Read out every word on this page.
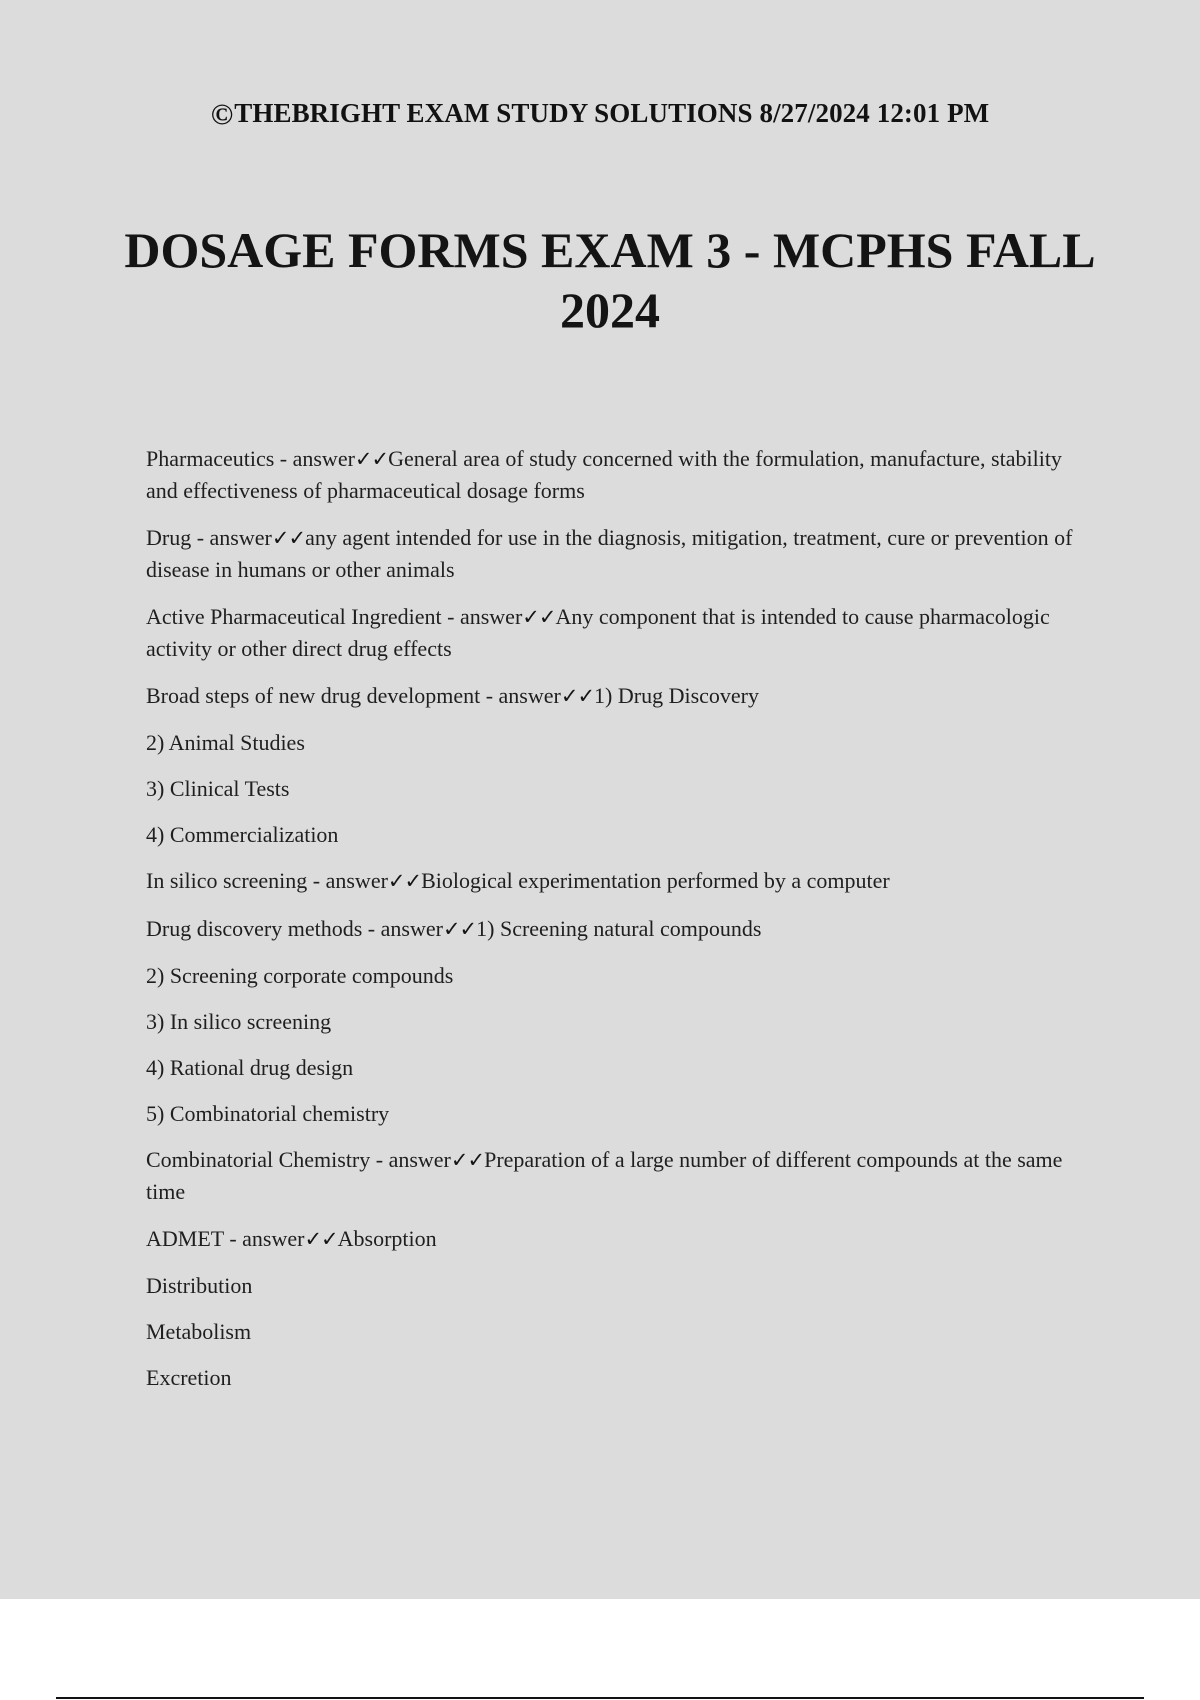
©THEBRIGHT EXAM STUDY SOLUTIONS 8/27/2024 12:01 PM
DOSAGE FORMS EXAM 3 - MCPHS FALL 2024

Pharmaceutics - answer✓✓General area of study concerned with the formulation, manufacture, stability and effectiveness of pharmaceutical dosage forms

Drug - answer✓✓any agent intended for use in the diagnosis, mitigation, treatment, cure or prevention of disease in humans or other animals

Active Pharmaceutical Ingredient - answer✓✓Any component that is intended to cause pharmacologic activity or other direct drug effects

Broad steps of new drug development - answer✓✓1) Drug Discovery

2) Animal Studies

3) Clinical Tests

4) Commercialization

In silico screening - answer✓✓Biological experimentation performed by a computer

Drug discovery methods - answer✓✓1) Screening natural compounds

2) Screening corporate compounds

3) In silico screening

4) Rational drug design

5) Combinatorial chemistry

Combinatorial Chemistry - answer✓✓Preparation of a large number of different compounds at the same time

ADMET - answer✓✓Absorption

Distribution

Metabolism

Excretion
